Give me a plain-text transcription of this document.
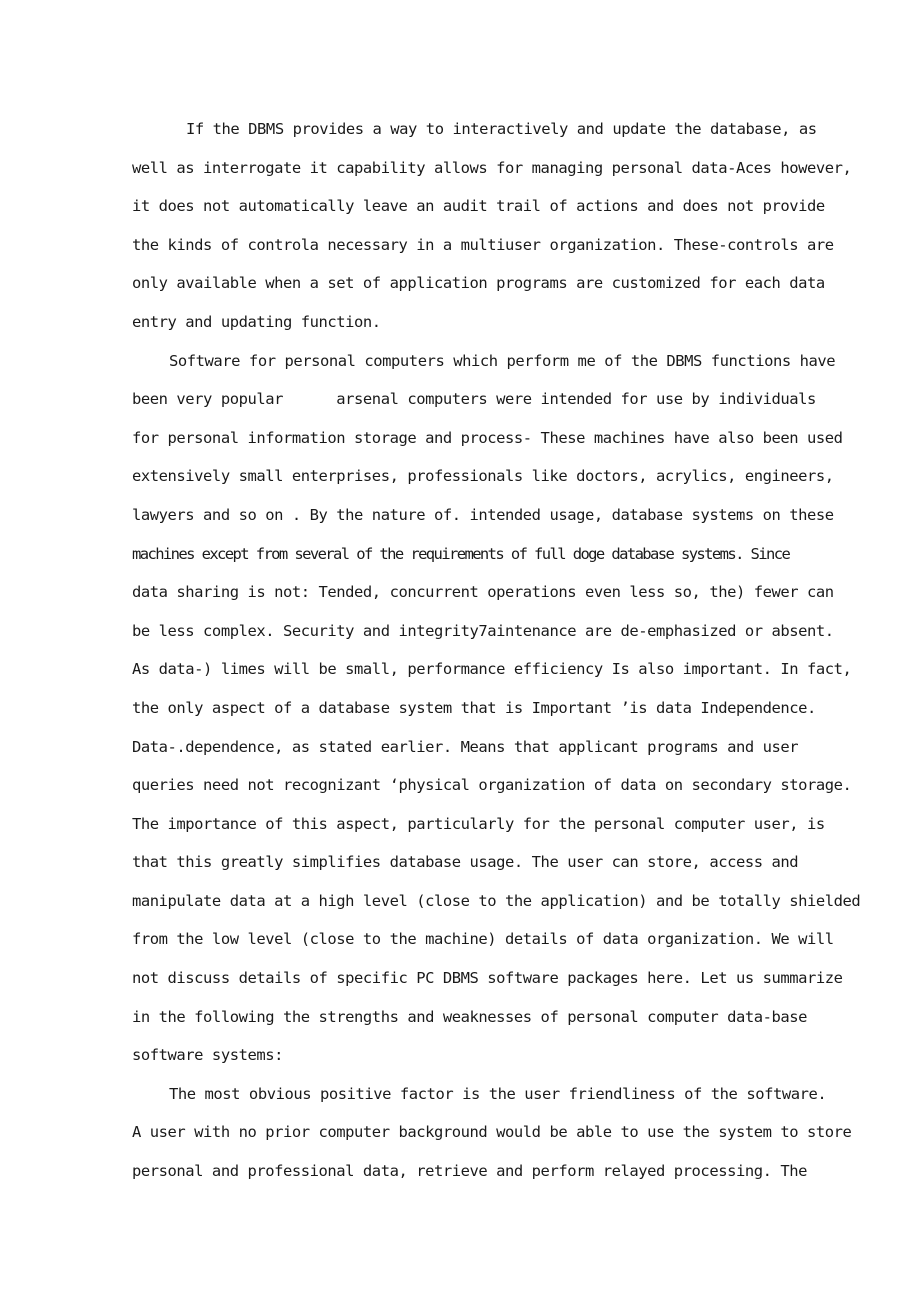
If the DBMS provides a way to interactively and update the database, as
well as interrogate it capability allows for managing personal data-Aces however,
it does not automatically leave an audit trail of actions and does not provide
the kinds of controla necessary in a multiuser organization. These-controls are
only available when a set of application programs are customized for each data
entry and updating function.
Software for personal computers which perform me of the DBMS functions have
been very popular      arsenal computers were intended for use by individuals
for personal information storage and process- These machines have also been used
extensively small enterprises, professionals like doctors, acrylics, engineers,
lawyers and so on . By the nature of. intended usage, database systems on these
machines except from several of the requirements of full doge database systems. Since
data sharing is not: Tended, concurrent operations even less so, the) fewer can
be less complex. Security and integrity7aintenance are de-emphasized or absent.
As data-) limes will be small, performance efficiency Is also important. In fact,
the only aspect of a database system that is Important ’is data Independence.
Data-.dependence, as stated earlier. Means that applicant programs and user
queries need not recognizant ‘physical organization of data on secondary storage.
The importance of this aspect, particularly for the personal computer user, is
that this greatly simplifies database usage. The user can store, access and
manipulate data at a high level (close to the application) and be totally shielded
from the low level (close to the machine) details of data organization. We will
not discuss details of specific PC DBMS software packages here. Let us summarize
in the following the strengths and weaknesses of personal computer data-base
software systems:
The most obvious positive factor is the user friendliness of the software.
A user with no prior computer background would be able to use the system to store
personal and professional data, retrieve and perform relayed processing. The
